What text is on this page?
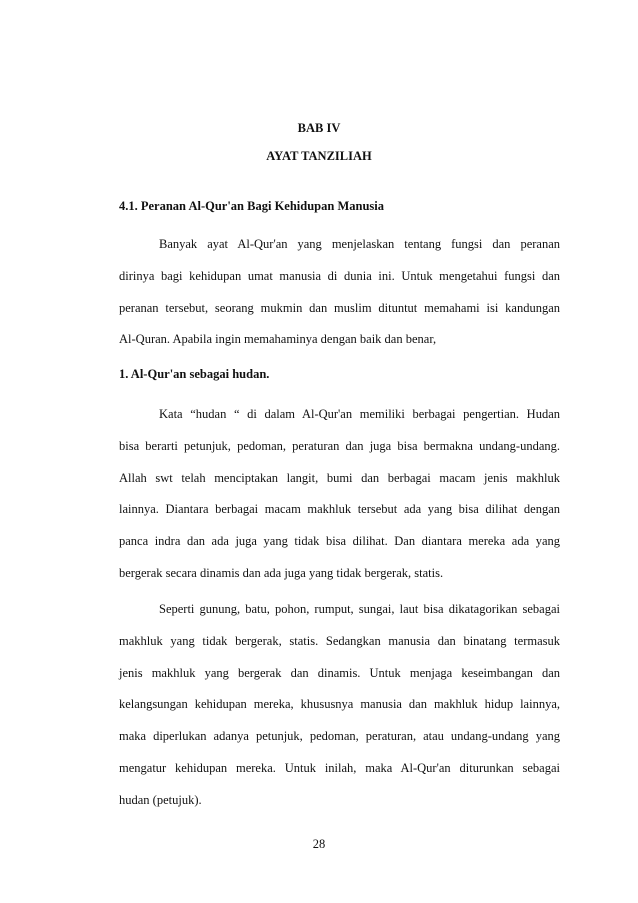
BAB IV
AYAT TANZILIAH
4.1. Peranan Al-Qur'an Bagi Kehidupan Manusia
Banyak ayat Al-Qur'an yang menjelaskan tentang fungsi dan peranan
dirinya bagi kehidupan umat manusia di dunia ini. Untuk mengetahui fungsi dan
peranan tersebut, seorang mukmin dan muslim dituntut memahami isi kandungan
Al-Quran. Apabila ingin memahaminya dengan baik dan benar,
1. Al-Qur'an sebagai hudan.
Kata “hudan “ di dalam Al-Qur'an memiliki berbagai pengertian. Hudan
bisa berarti petunjuk, pedoman, peraturan dan juga bisa bermakna undang-undang.
Allah swt telah menciptakan langit, bumi dan berbagai macam jenis makhluk
lainnya. Diantara berbagai macam makhluk tersebut ada yang bisa dilihat dengan
panca indra dan ada juga yang tidak bisa dilihat. Dan diantara mereka ada yang
bergerak secara dinamis dan ada juga yang tidak bergerak, statis.
Seperti gunung, batu, pohon, rumput, sungai, laut bisa dikatagorikan sebagai
makhluk yang tidak bergerak, statis. Sedangkan manusia dan binatang termasuk
jenis makhluk yang bergerak dan dinamis. Untuk menjaga keseimbangan dan
kelangsungan kehidupan mereka, khususnya manusia dan makhluk hidup lainnya,
maka diperlukan adanya petunjuk, pedoman, peraturan, atau undang-undang yang
mengatur kehidupan mereka. Untuk inilah, maka Al-Qur'an diturunkan sebagai
hudan (petujuk).
28
